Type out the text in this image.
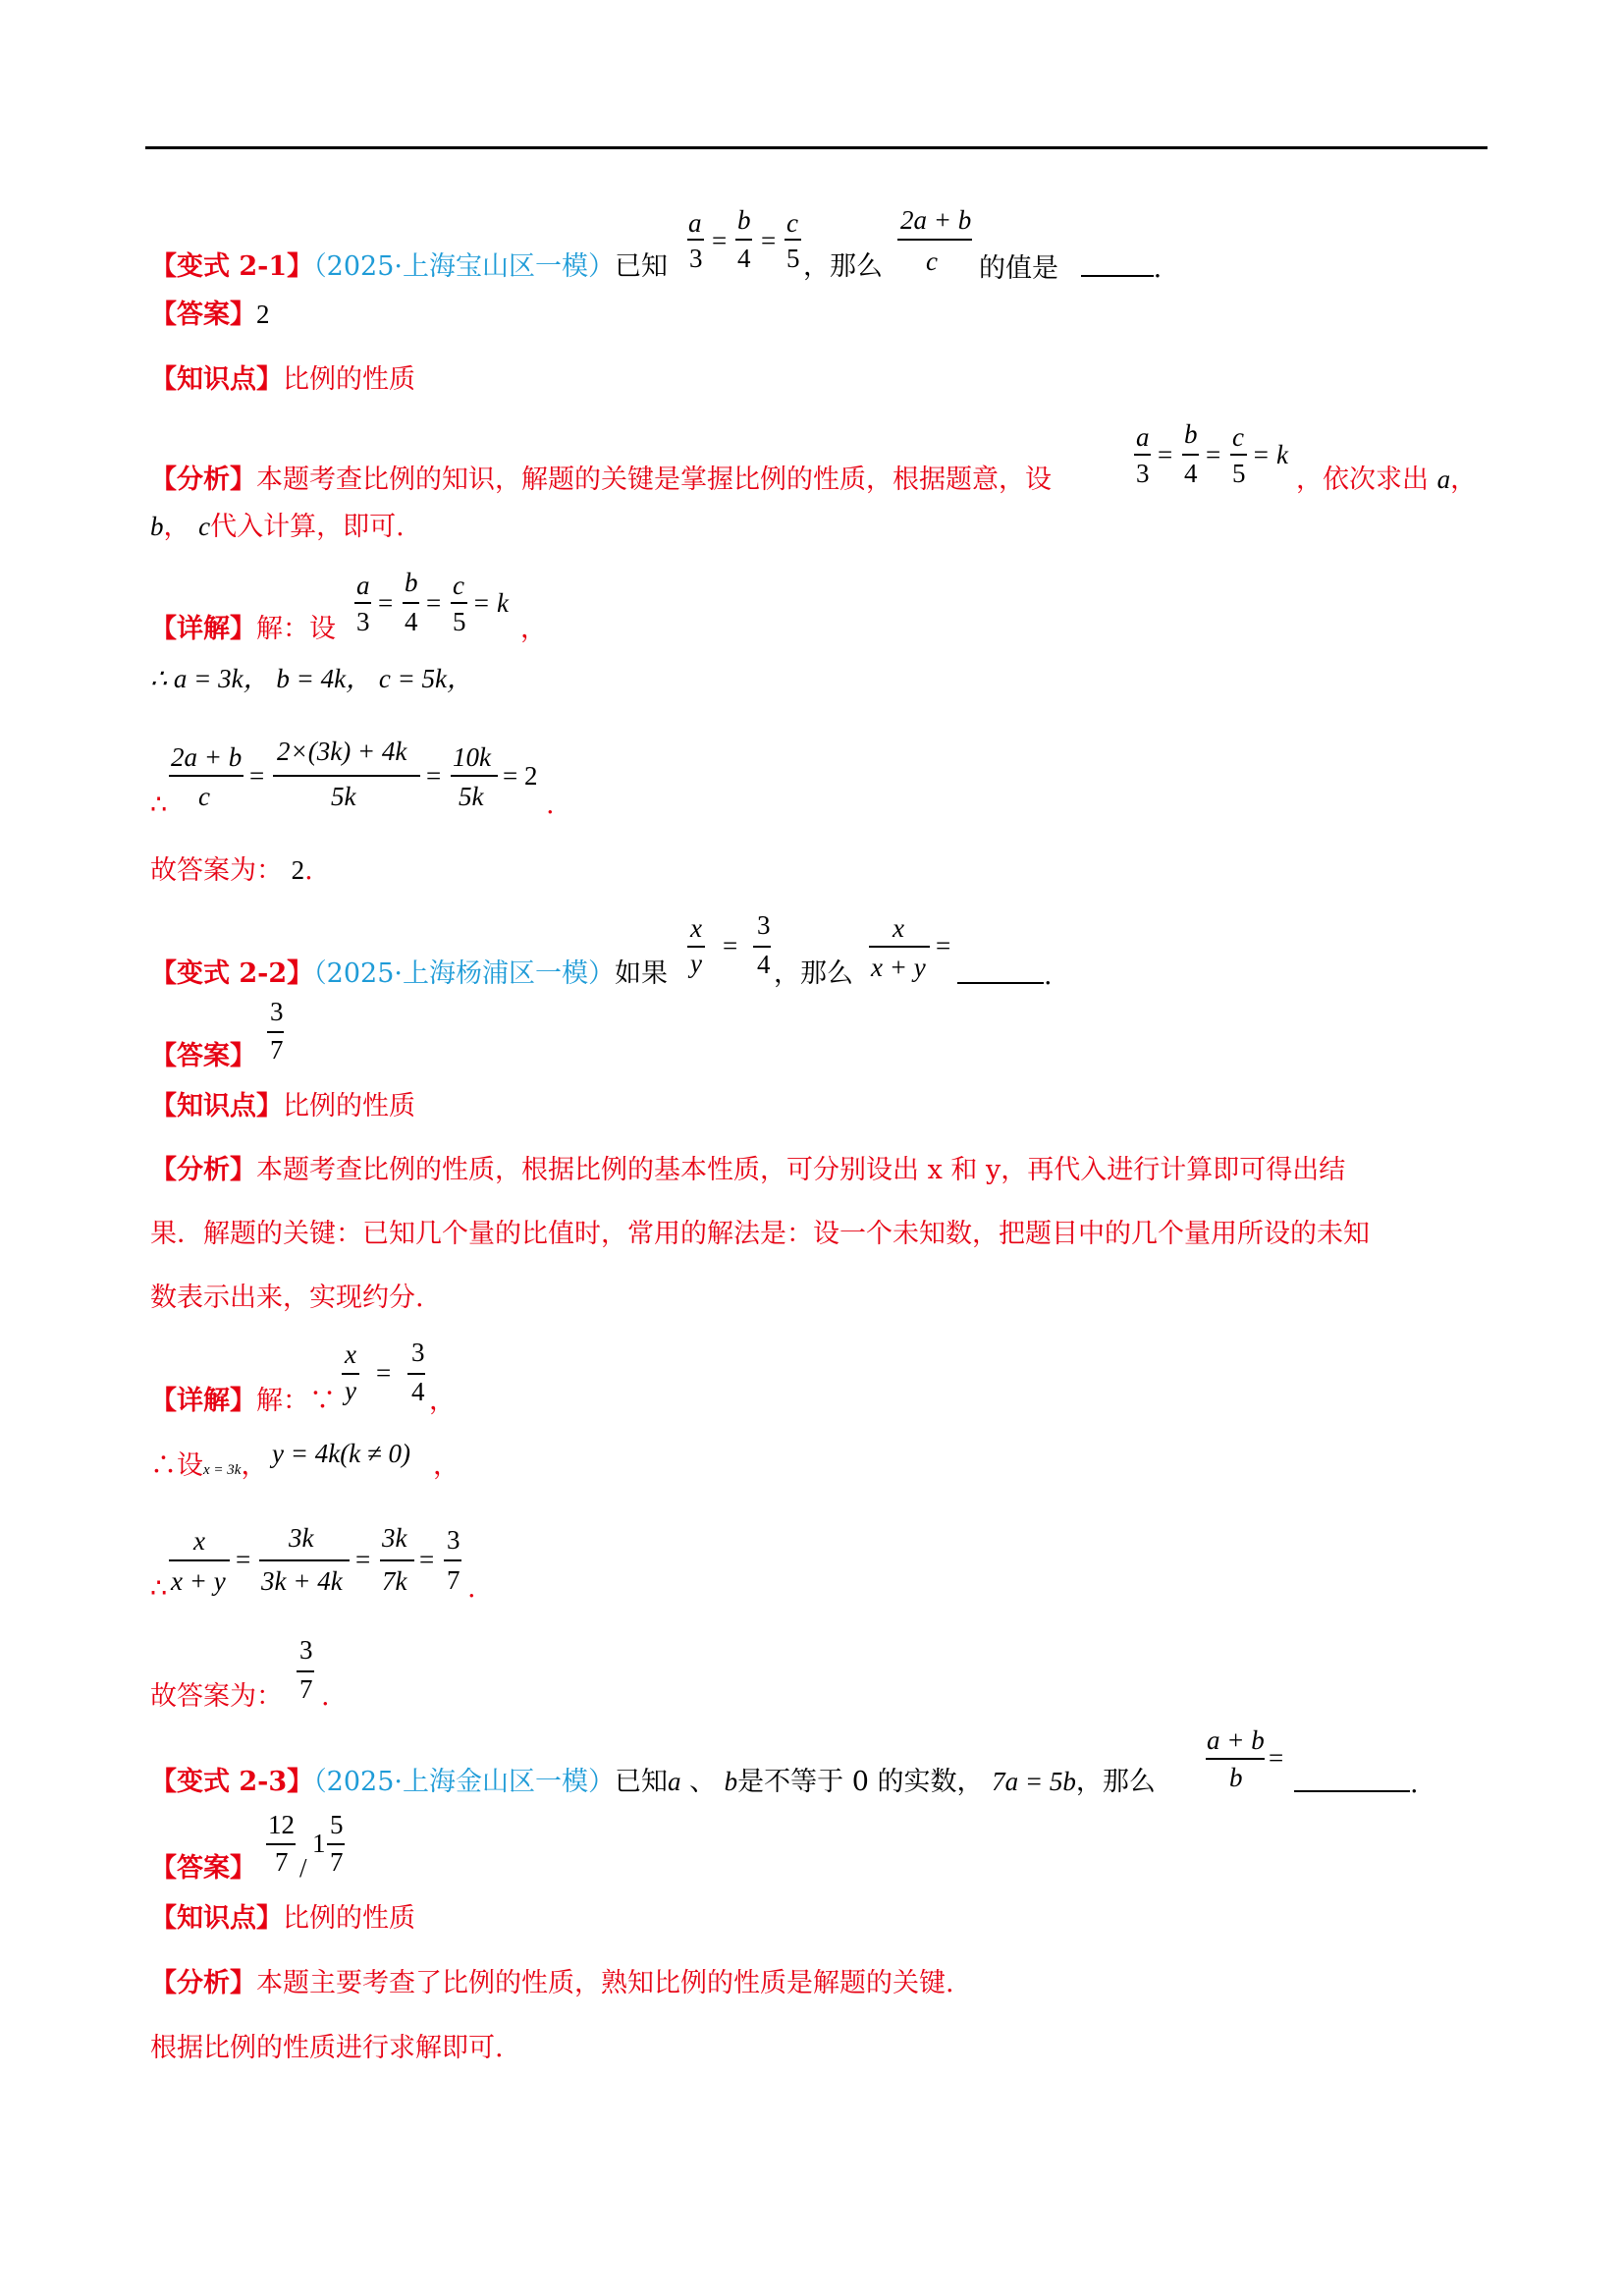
【变式 2-1】（2025·上海宝山区一模）已知
a
3
=
b
4
=
c
5 ，那么
2a + b
c 的值是	.
【答案】2
【知识点】比例的性质
【分析】本题考查比例的知识，解题的关键是掌握比例的性质，根据题意，设
a
3
=
b
4
=
c
5
= k
，依次求出 a，
b， c代入计算，即可.
【详解】解：设
a
3
=
b
4
=
c
5
= k
，
∴ a = 3k， b = 4k， c = 5k，
∴
2a + b
c
=
2×(3k) + 4k
5k
=
10k
5k
= 2
.
故答案为： 2.
【变式 2-2】（2025·上海杨浦区一模）如果
x
y
=
3
4 ，那么
x
x + y
=
.
【答案】
3
7
【知识点】比例的性质
【分析】本题考查比例的性质，根据比例的基本性质，可分别设出 x 和 y，再代入进行计算即可得出结
果．解题的关键：已知几个量的比值时，常用的解法是：设一个未知数，把题目中的几个量用所设的未知
数表示出来，实现约分.
【详解】解：∵
x
y
=
3
4 ，
∴设x = 3k， y = 4k(k ≠ 0) ，
∴
x
x + y
=
3k
3k + 4k
=
3k
7k
=
3
7 .
故答案为：
3
7 .
【变式 2-3】（2025·上海金山区一模）已知a 、 b是不等于 0 的实数， 7a = 5b，那么
a + b
b
=
.
【答案】
12
7 /
1
5
7
【知识点】比例的性质
【分析】本题主要考查了比例的性质，熟知比例的性质是解题的关键.
根据比例的性质进行求解即可.
